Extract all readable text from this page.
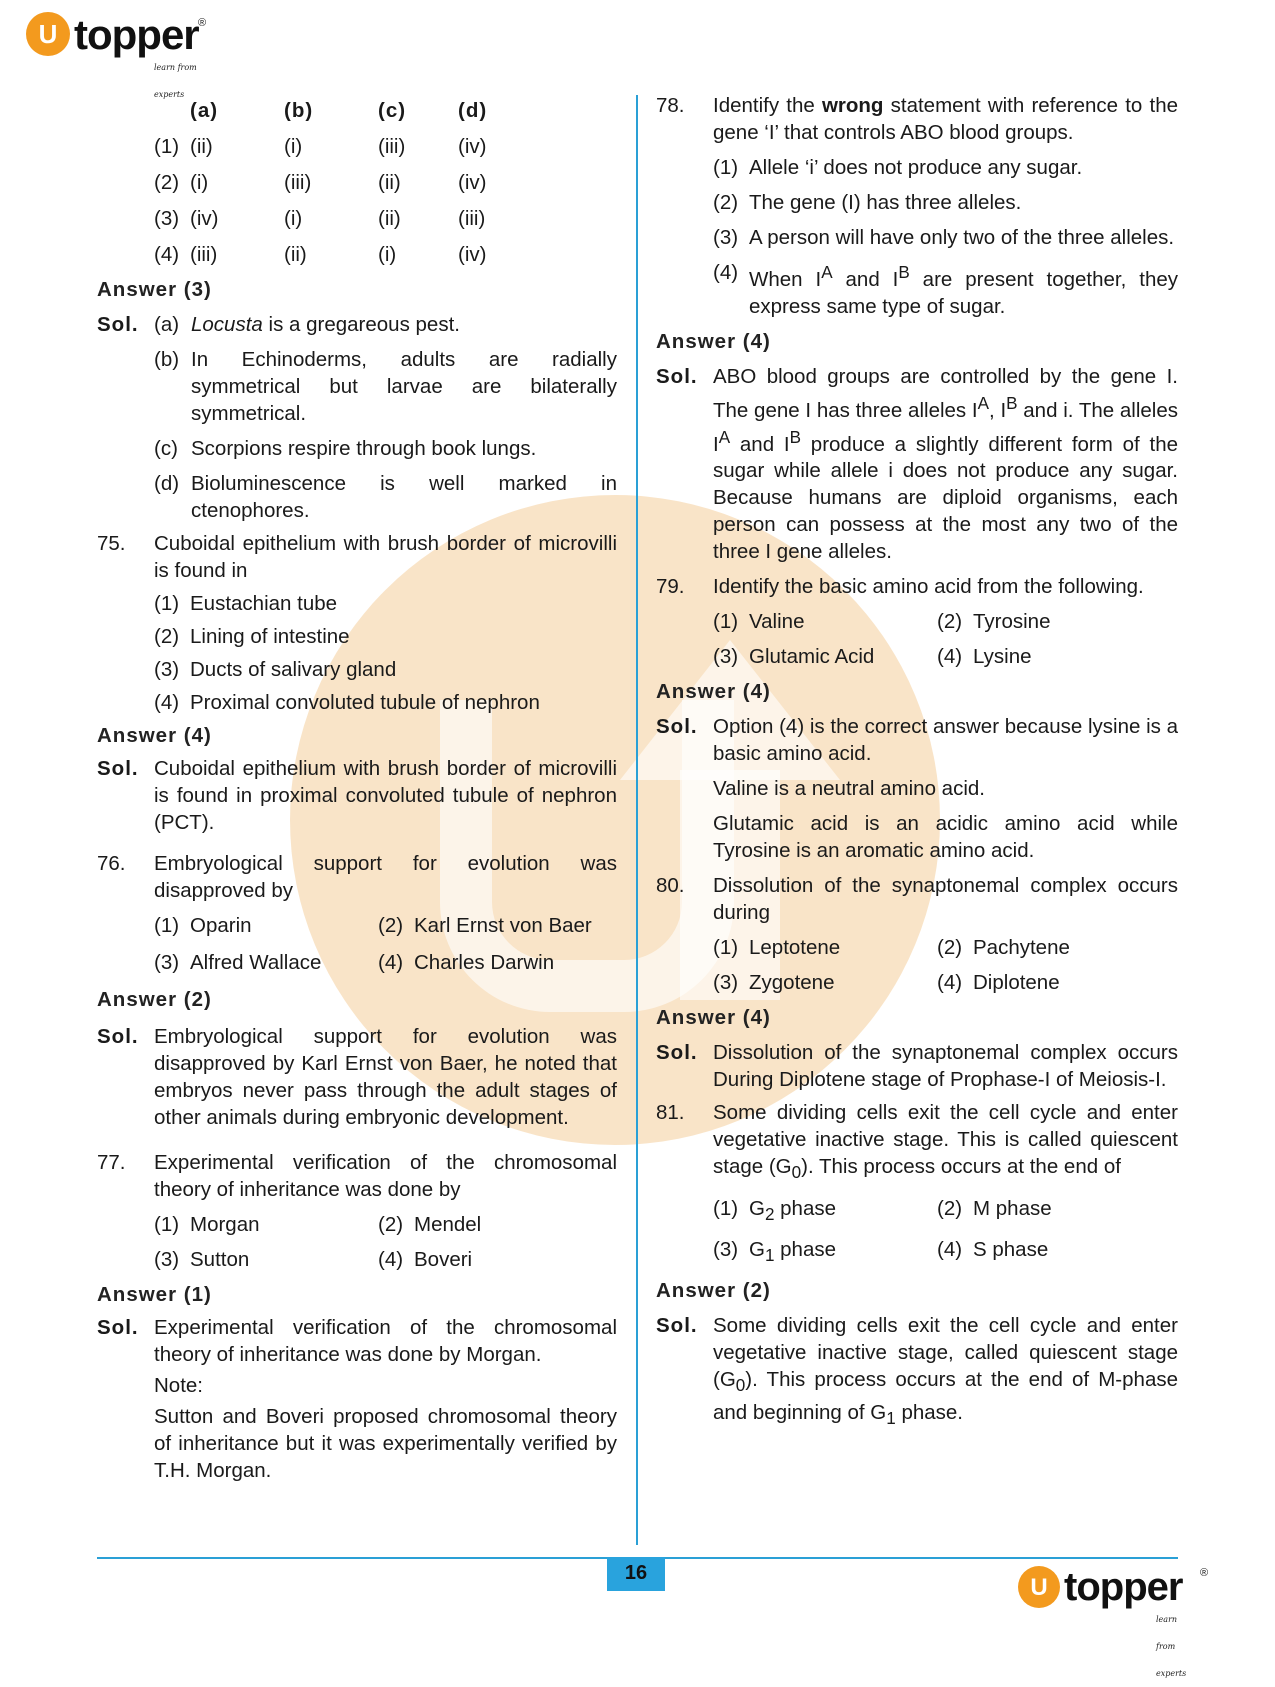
U topper ®
learn from experts
(a)	(b)	(c)	(d)
(1) (ii)	(i)	(iii)	(iv)
(2) (i)	(iii)	(ii)	(iv)
(3) (iv)	(i)	(ii)	(iii)
(4) (iii)	(ii)	(i)	(iv)
Answer (3)
Sol. (a) Locusta is a gregareous pest.
(b) In Echinoderms, adults are radially symmetrical but larvae are bilaterally symmetrical.
(c) Scorpions respire through book lungs.
(d) Bioluminescence is well marked in ctenophores.
75.	Cuboidal epithelium with brush border of microvilli is found in
(1) Eustachian tube
(2) Lining of intestine
(3) Ducts of salivary gland
(4) Proximal convoluted tubule of nephron
Answer (4)
Sol. Cuboidal epithelium with brush border of microvilli is found in proximal convoluted tubule of nephron (PCT).
76.	Embryological support for evolution was disapproved by
(1) Oparin	(2) Karl Ernst von Baer
(3) Alfred Wallace	(4) Charles Darwin
Answer (2)
Sol. Embryological support for evolution was disapproved by Karl Ernst von Baer, he noted that embryos never pass through the adult stages of other animals during embryonic development.
77.	Experimental verification of the chromosomal theory of inheritance was done by
(1) Morgan	(2) Mendel
(3) Sutton	(4) Boveri
Answer (1)
Sol. Experimental verification of the chromosomal theory of inheritance was done by Morgan.
Note:
Sutton and Boveri proposed chromosomal theory of inheritance but it was experimentally verified by T.H. Morgan.
78.	Identify the wrong statement with reference to the gene ‘I’ that controls ABO blood groups.
(1) Allele ‘i’ does not produce any sugar.
(2) The gene (I) has three alleles.
(3) A person will have only two of the three alleles.
(4) When $I^A$ and $I^B$ are present together, they express same type of sugar.
Answer (4)
Sol. ABO blood groups are controlled by the gene I. The gene I has three alleles $I^A$, $I^B$ and i. The alleles $I^A$ and $I^B$ produce a slightly different form of the sugar while allele i does not produce any sugar. Because humans are diploid organisms, each person can possess at the most any two of the three I gene alleles.
79.	Identify the basic amino acid from the following.
(1) Valine	(2) Tyrosine
(3) Glutamic Acid	(4) Lysine
Answer (4)
Sol. Option (4) is the correct answer because lysine is a basic amino acid.
Valine is a neutral amino acid.
Glutamic acid is an acidic amino acid while Tyrosine is an aromatic amino acid.
80.	Dissolution of the synaptonemal complex occurs during
(1) Leptotene	(2) Pachytene
(3) Zygotene	(4) Diplotene
Answer (4)
Sol. Dissolution of the synaptonemal complex occurs During Diplotene stage of Prophase-I of Meiosis-I.
81.	Some dividing cells exit the cell cycle and enter vegetative inactive stage. This is called quiescent stage $(G_0)$. This process occurs at the end of
(1) $G_2$ phase	(2) M phase
(3) $G_1$ phase	(4) S phase
Answer (2)
Sol. Some dividing cells exit the cell cycle and enter vegetative inactive stage, called quiescent stage $(G_0)$. This process occurs at the end of M-phase and beginning of $G_1$ phase.
16
U topper ®
learn from experts
